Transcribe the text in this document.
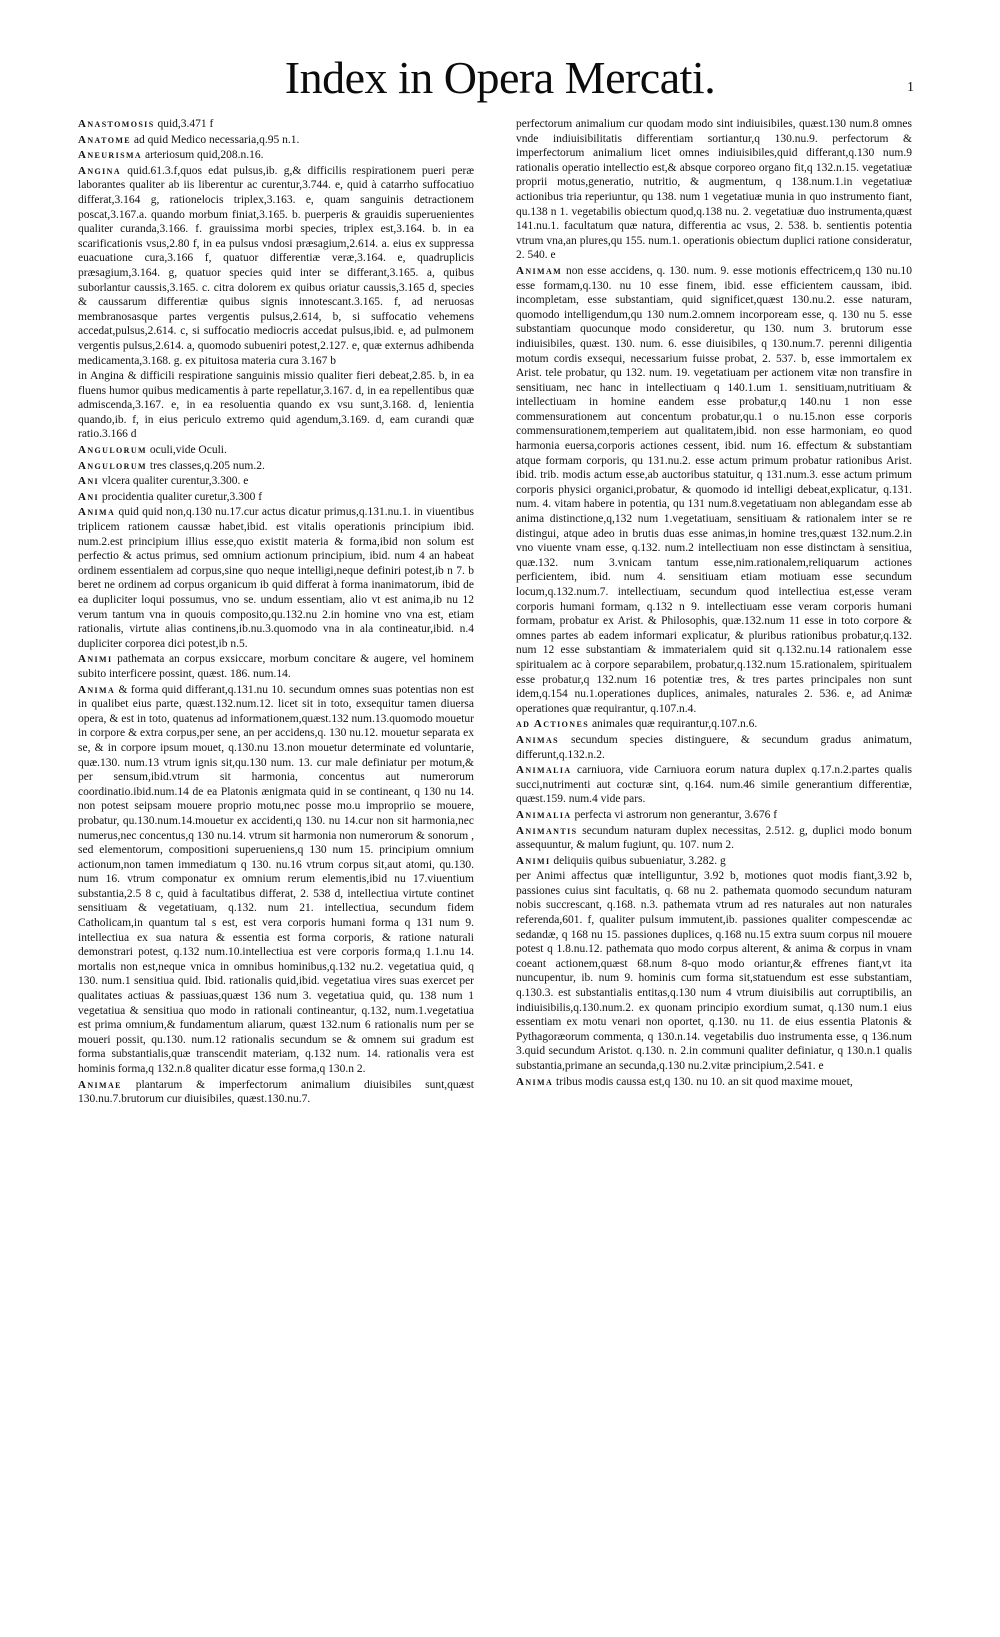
Index in Opera Mercati.	1

Anastomosis quid,3.471 f

Anatome ad quid Medico necessaria,q.95 n.1.

Aneurisma arteriosum quid,208.n.16.

Angina quid.61.3.f,quos edat pulsus,ib. g,& difficilis respirationem pueri peræ laborantes qualiter ab iis liberentur ac curentur,3.744. e, quid à catarrho suffocatiuo differat,3.164 g, rationelocis triplex,3.163. e, quam sanguinis detractionem poscat,3.167.a. quando morbum finiat,3.165. b. puerperis & grauidis superuenientes qualiter curanda,3.166. f. grauissima morbi species, triplex est,3.164. b. in ea scarificationis vsus,2.80 f, in ea pulsus vndosi præsagium,2.614. a. eius ex suppressa euacuatione cura,3.166 f, quatuor differentiæ veræ,3.164. e, quadruplicis præsagium,3.164. g, quatuor species quid inter se differant,3.165. a, quibus suborlantur caussis,3.165. c. citra dolorem ex quibus oriatur caussis,3.165 d, species & caussarum differentiæ quibus signis innotescant.3.165. f, ad neruosas membranosasque partes vergentis pulsus,2.614, b, si suffocatio vehemens accedat,pulsus,2.614. c, si suffocatio mediocris accedat pulsus,ibid. e, ad pulmonem vergentis pulsus,2.614. a, quomodo subueniri potest,2.127. e, quæ externus adhibenda medicamenta,3.168. g. ex pituitosa materia cura 3.167 b

in Angina & difficili respiratione sanguinis missio qualiter fieri debeat,2.85. b, in ea fluens humor quibus medicamentis à parte repellatur,3.167. d, in ea repellentibus quæ admiscenda,3.167. e, in ea resoluentia quando ex vsu sunt,3.168. d, lenientia quando,ib. f, in eius periculo extremo quid agendum,3.169. d, eam curandi quæ ratio.3.166 d

Angulorum oculi,vide Oculi.

Angulorum tres classes,q.205 num.2.

Ani vlcera qualiter curentur,3.300. e

Ani procidentia qualiter curetur,3.300 f

Anima quid quid non,q.130 nu.17.cur actus dicatur primus,q.131.nu.1. in viuentibus triplicem rationem caussæ habet,ibid. est vitalis operationis principium ibid. num.2.est principium illius esse,quo existit materia & forma,ibid non solum est perfectio & actus primus, sed omnium actionum principium, ibid. num 4 an habeat ordinem essentialem ad corpus,sine quo neque intelligi,neque definiri potest,ib n 7. b beret ne ordinem ad corpus organicum ib quid differat à forma inanimatorum, ibid de ea dupliciter loqui possumus, vno se. undum essentiam, alio vt est anima,ib nu 12 verum tantum vna in quouis composito,qu.132.nu 2.in homine vno vna est, etiam rationalis, virtute alias continens,ib.nu.3.quomodo vna in ala contineatur,ibid. n.4 dupliciter corporea dici potest,ib n.5.

Animi pathemata an corpus exsiccare, morbum concitare & augere, vel hominem subito interficere possint, quæst. 186. num.14.

Anima & forma quid differant,q.131.nu 10. secundum omnes suas potentias non est in qualibet eius parte, quæst.132.num.12. licet sit in toto, exsequitur tamen diuersa opera, & est in toto, quatenus ad informationem,quæst.132 num.13.quomodo mouetur in corpore & extra corpus,per sene, an per accidens,q. 130 nu.12. mouetur separata ex se, & in corpore ipsum mouet, q.130.nu 13.non mouetur determinate ed voluntarie, quæ.130. num.13 vtrum ignis sit,qu.130 num. 13. cur male definiatur per motum,& per sensum,ibid.vtrum sit harmonia, concentus aut numerorum coordinatio.ibid.num.14 de ea Platonis ænigmata quid in se contineant, q 130 nu 14. non potest seipsam mouere proprio motu,nec posse mo.u impropriio se mouere, probatur, qu.130.num.14.mouetur ex accidenti,q 130. nu 14.cur non sit harmonia,nec numerus,nec concentus,q 130 nu.14. vtrum sit harmonia non numerorum & sonorum , sed elementorum, compositioni superueniens,q 130 num 15. principium omnium actionum,non tamen immediatum q 130. nu.16 vtrum corpus sit,aut atomi, qu.130. num 16. vtrum componatur ex omnium rerum elementis,ibid nu 17.viuentium substantia,2.5 8 c, quid à facultatibus differat, 2. 538 d, intellectiua virtute continet sensitiuam & vegetatiuam, q.132. num 21. intellectiua, secundum fidem Catholicam,in quantum tal s est, est vera corporis humani forma q 131 num 9. intellectiua ex sua natura & essentia est forma corporis, & ratione naturali demonstrari potest, q.132 num.10.intellectiua est vere corporis forma,q 1.1.nu 14. mortalis non est,neque vnica in omnibus hominibus,q.132 nu.2. vegetatiua quid, q 130. num.1 sensitiua quid. Ibid. rationalis quid,ibid. vegetatiua vires suas exercet per qualitates actiuas & passiuas,quæst 136 num 3. vegetatiua quid, qu. 138 num 1 vegetatiua & sensitiua quo modo in rationali contineantur, q.132, num.1.vegetatiua est prima omnium,& fundamentum aliarum, quæst 132.num 6 rationalis num per se moueri possit, qu.130. num.12 rationalis secundum se & omnem sui gradum est forma substantialis,quæ transcendit materiam, q.132 num. 14. rationalis vera est hominis forma,q 132.n.8 qualiter dicatur esse forma,q 130.n 2.

Animae plantarum & imperfectorum animalium diuisibiles sunt,quæst 130.nu.7.brutorum cur diuisibiles, quæst.130.nu.7.

perfectorum animalium cur quodam modo sint indiuisibiles, quæst.130 num.8 omnes vnde indiuisibilitatis differentiam sortiantur,q 130.nu.9. perfectorum & imperfectorum animalium licet omnes indiuisibiles,quid differant,q.130 num.9 rationalis operatio intellectio est,& absque corporeo organo fit,q 132.n.15. vegetatiuæ proprii motus,generatio, nutritio, & augmentum, q 138.num.1.in vegetatiuæ actionibus tria reperiuntur, qu 138. num 1 vegetatiuæ munia in quo instrumento fiant, qu.138 n 1. vegetabilis obiectum quod,q.138 nu. 2. vegetatiuæ duo instrumenta,quæst 141.nu.1. facultatum quæ natura, differentia ac vsus, 2. 538. b. sentientis potentia vtrum vna,an plures,qu 155. num.1. operationis obiectum duplici ratione consideratur, 2. 540. e

Animam non esse accidens, q. 130. num. 9. esse motionis effectricem,q 130 nu.10 esse formam,q.130. nu 10 esse finem, ibid. esse efficientem caussam, ibid. incompletam, esse substantiam, quid significet,quæst 130.nu.2. esse naturam, quomodo intelligendum,qu 130 num.2.omnem incorpoream esse, q. 130 nu 5. esse substantiam quocunque modo consideretur, qu 130. num 3. brutorum esse indiuisibiles, quæst. 130. num. 6. esse diuisibiles, q 130.num.7. perenni diligentia motum cordis exsequi, necessarium fuisse probat, 2. 537. b, esse immortalem ex Arist. tele probatur, qu 132. num. 19. vegetatiuam per actionem vitæ non transfire in sensitiuam, nec hanc in intellectiuam q 140.1.um 1. sensitiuam,nutritiuam & intellectiuam in homine eandem esse probatur,q 140.nu 1 non esse commensurationem aut concentum probatur,qu.1 o nu.15.non esse corporis commensurationem,temperiem aut qualitatem,ibid. non esse harmoniam, eo quod harmonia euersa,corporis actiones cessent, ibid. num 16. effectum & substantiam atque formam corporis, qu 131.nu.2. esse actum primum probatur rationibus Arist. ibid. trib. modis actum esse,ab auctoribus statuitur, q 131.num.3. esse actum primum corporis physici organici,probatur, & quomodo id intelligi debeat,explicatur, q.131. num. 4. vitam habere in potentia, qu 131 num.8.vegetatiuam non ablegandam esse ab anima distinctione,q,132 num 1.vegetatiuam, sensitiuam & rationalem inter se re distingui, atque adeo in brutis duas esse animas,in homine tres,quæst 132.num.2.in vno viuente vnam esse, q.132. num.2 intellectiuam non esse distinctam à sensitiua, quæ.132. num 3.vnicam tantum esse,nim.rationalem,reliquarum actiones perficientem, ibid. num 4. sensitiuam etiam motiuam esse secundum locum,q.132.num.7. intellectiuam, secundum quod intellectiua est,esse veram corporis humani formam, q.132 n 9. intellectiuam esse veram corporis humani formam, probatur ex Arist. & Philosophis, quæ.132.num 11 esse in toto corpore & omnes partes ab eadem informari explicatur, & pluribus rationibus probatur,q.132. num 12 esse substantiam & immaterialem quid sit q.132.nu.14 rationalem esse spiritualem ac à corpore separabilem, probatur,q.132.num 15.rationalem, spiritualem esse probatur,q 132.num 16 potentiæ tres, & tres partes principales non sunt idem,q.154 nu.1.operationes duplices, animales, naturales 2. 536. e, ad Animæ operationes quæ requirantur, q.107.n.4.

ad Actiones animales quæ requirantur,q.107.n.6.

Animas secundum species distinguere, & secundum gradus animatum, differunt,q.132.n.2.

Animalia carniuora, vide Carniuora eorum natura duplex q.17.n.2.partes qualis succi,nutrimenti aut cocturæ sint, q.164. num.46 simile generantium differentiæ, quæst.159. num.4 vide pars.

Animalia perfecta vi astrorum non generantur, 3.676 f

Animantis secundum naturam duplex necessitas, 2.512. g, duplici modo bonum assequuntur, & malum fugiunt, qu. 107. num 2.

Animi deliquiis quibus subueniatur, 3.282. g

per Animi affectus quæ intelliguntur, 3.92 b, motiones quot modis fiant,3.92 b, passiones cuius sint facultatis, q. 68 nu 2. pathemata quomodo secundum naturam nobis succrescant, q.168. n.3. pathemata vtrum ad res naturales aut non naturales referenda,601. f, qualiter pulsum immutent,ib. passiones qualiter compescendæ ac sedandæ, q 168 nu 15. passiones duplices, q.168 nu.15 extra suum corpus nil mouere potest q 1.8.nu.12. pathemata quo modo corpus alterent, & anima & corpus in vnam coeant actionem,quæst 68.num 8-quo modo oriantur,& effrenes fiant,vt ita nuncupentur, ib. num 9. hominis cum forma sit,statuendum est esse substantiam, q.130.3. est substantialis entitas,q.130 num 4 vtrum diuisibilis aut corruptibilis, an indiuisibilis,q.130.num.2. ex quonam principio exordium sumat, q.130 num.1 eius essentiam ex motu venari non oportet, q.130. nu 11. de eius essentia Platonis & Pythagoræorum commenta, q 130.n.14. vegetabilis duo instrumenta esse, q 136.num 3.quid secundum Aristot. q.130. n. 2.in communi qualiter definiatur, q 130.n.1 qualis substantia,primane an secunda,q.130 nu.2.vitæ principium,2.541. e

Anima tribus modis caussa est,q 130. nu 10. an sit quod maxime mouet,
